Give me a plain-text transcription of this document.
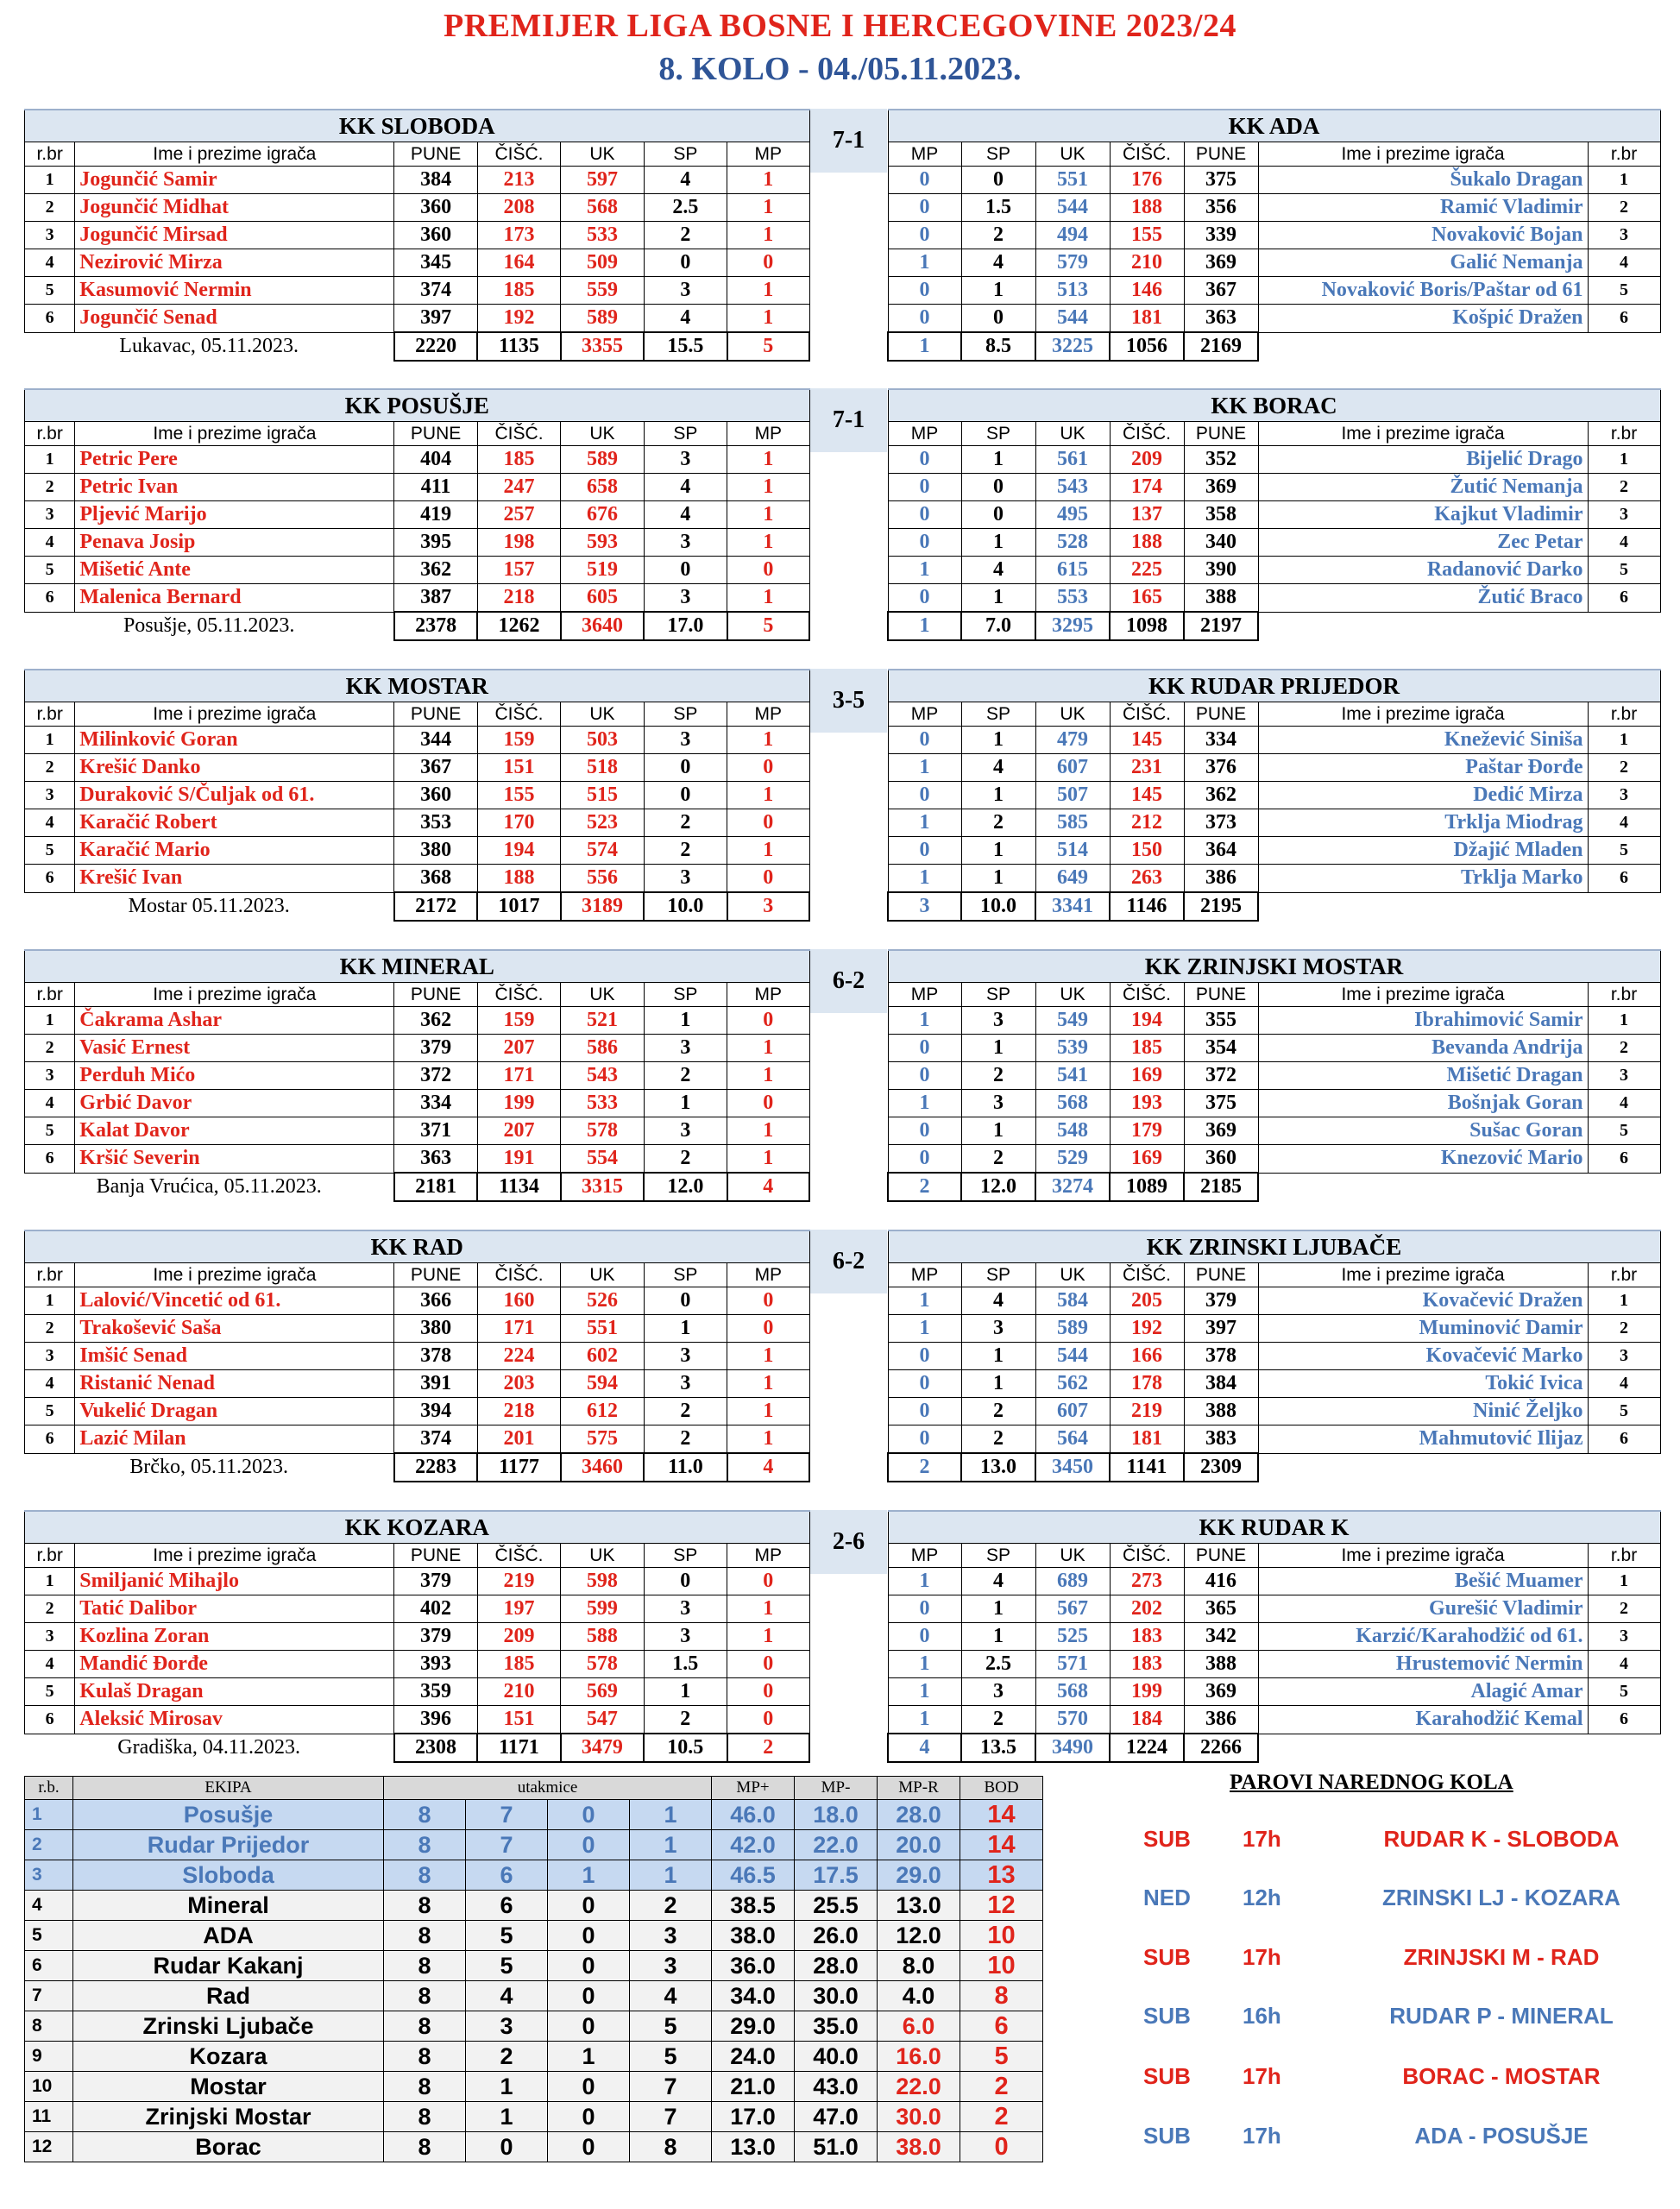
PREMIJER LIGA BOSNE I HERCEGOVINE 2023/24
8. KOLO - 04./05.11.2023.
KK SLOBODA						
r.br	Ime i prezime igrača	PUNE	ČIŠĆ.	UK	SP	MP
1	Jogunčić Samir	384	213	597	4	1
2	Jogunčić Midhat	360	208	568	2.5	1
3	Jogunčić Mirsad	360	173	533	2	1
4	Nezirović Mirza	345	164	509	0	0
5	Kasumović Nermin	374	185	559	3	1
6	Jogunčić Senad	397	192	589	4	1
Lukavac, 05.11.2023.		2220	1135	3355	15.5	5
7-1
KK ADA						
MP	SP	UK	ČIŠĆ.	PUNE	Ime i prezime igrača	r.br
0	0	551	176	375	Šukalo Dragan	1
0	1.5	544	188	356	Ramić Vladimir	2
0	2	494	155	339	Novaković Bojan	3
1	4	579	210	369	Galić Nemanja	4
0	1	513	146	367	Novaković Boris/Paštar od 61	5
0	0	544	181	363	Košpić Dražen	6
1	8.5	3225	1056	2169		
KK POSUŠJE						
r.br	Ime i prezime igrača	PUNE	ČIŠĆ.	UK	SP	MP
1	Petric Pere	404	185	589	3	1
2	Petric Ivan	411	247	658	4	1
3	Pljević Marijo	419	257	676	4	1
4	Penava Josip	395	198	593	3	1
5	Mišetić Ante	362	157	519	0	0
6	Malenica Bernard	387	218	605	3	1
Posušje, 05.11.2023.		2378	1262	3640	17.0	5
7-1
KK BORAC						
MP	SP	UK	ČIŠĆ.	PUNE	Ime i prezime igrača	r.br
0	1	561	209	352	Bijelić Drago	1
0	0	543	174	369	Žutić Nemanja	2
0	0	495	137	358	Kajkut Vladimir	3
0	1	528	188	340	Zec Petar	4
1	4	615	225	390	Radanović Darko	5
0	1	553	165	388	Žutić Braco	6
1	7.0	3295	1098	2197		
KK MOSTAR						
r.br	Ime i prezime igrača	PUNE	ČIŠĆ.	UK	SP	MP
1	Milinković Goran	344	159	503	3	1
2	Krešić Danko	367	151	518	0	0
3	Duraković S/Čuljak od 61.	360	155	515	0	1
4	Karačić Robert	353	170	523	2	0
5	Karačić Mario	380	194	574	2	1
6	Krešić Ivan	368	188	556	3	0
Mostar 05.11.2023.		2172	1017	3189	10.0	3
3-5
KK RUDAR PRIJEDOR						
MP	SP	UK	ČIŠĆ.	PUNE	Ime i prezime igrača	r.br
0	1	479	145	334	Knežević Siniša	1
1	4	607	231	376	Paštar Đorđe	2
0	1	507	145	362	Dedić Mirza	3
1	2	585	212	373	Trklja Miodrag	4
0	1	514	150	364	Džajić Mladen	5
1	1	649	263	386	Trklja Marko	6
3	10.0	3341	1146	2195		
KK MINERAL						
r.br	Ime i prezime igrača	PUNE	ČIŠĆ.	UK	SP	MP
1	Čakrama Ashar	362	159	521	1	0
2	Vasić Ernest	379	207	586	3	1
3	Perduh Mićo	372	171	543	2	1
4	Grbić Davor	334	199	533	1	0
5	Kalat Davor	371	207	578	3	1
6	Kršić Severin	363	191	554	2	1
Banja Vrućica, 05.11.2023.		2181	1134	3315	12.0	4
6-2
KK ZRINJSKI MOSTAR						
MP	SP	UK	ČIŠĆ.	PUNE	Ime i prezime igrača	r.br
1	3	549	194	355	Ibrahimović Samir	1
0	1	539	185	354	Bevanda Andrija	2
0	2	541	169	372	Mišetić Dragan	3
1	3	568	193	375	Bošnjak Goran	4
0	1	548	179	369	Sušac Goran	5
0	2	529	169	360	Knezović Mario	6
2	12.0	3274	1089	2185		
KK RAD						
r.br	Ime i prezime igrača	PUNE	ČIŠĆ.	UK	SP	MP
1	Lalović/Vincetić od 61.	366	160	526	0	0
2	Trakošević Saša	380	171	551	1	0
3	Imšić Senad	378	224	602	3	1
4	Ristanić Nenad	391	203	594	3	1
5	Vukelić Dragan	394	218	612	2	1
6	Lazić Milan	374	201	575	2	1
Brčko, 05.11.2023.		2283	1177	3460	11.0	4
6-2
KK ZRINSKI LJUBAČE						
MP	SP	UK	ČIŠĆ.	PUNE	Ime i prezime igrača	r.br
1	4	584	205	379	Kovačević Dražen	1
1	3	589	192	397	Muminović Damir	2
0	1	544	166	378	Kovačević Marko	3
0	1	562	178	384	Tokić Ivica	4
0	2	607	219	388	Ninić Željko	5
0	2	564	181	383	Mahmutović Ilijaz	6
2	13.0	3450	1141	2309		
KK KOZARA						
r.br	Ime i prezime igrača	PUNE	ČIŠĆ.	UK	SP	MP
1	Smiljanić Mihajlo	379	219	598	0	0
2	Tatić Dalibor	402	197	599	3	1
3	Kozlina Zoran	379	209	588	3	1
4	Mandić Đorđe	393	185	578	1.5	0
5	Kulaš Dragan	359	210	569	1	0
6	Aleksić Mirosav	396	151	547	2	0
Gradiška, 04.11.2023.		2308	1171	3479	10.5	2
2-6
KK RUDAR K						
MP	SP	UK	ČIŠĆ.	PUNE	Ime i prezime igrača	r.br
1	4	689	273	416	Bešić Muamer	1
0	1	567	202	365	Gurešić Vladimir	2
0	1	525	183	342	Karzić/Karahodžić od 61.	3
1	2.5	571	183	388	Hrustemović Nermin	4
1	3	568	199	369	Alagić Amar	5
1	2	570	184	386	Karahodžić Kemal	6
4	13.5	3490	1224	2266		
r.b.	EKIPA	utakmice				MP+	MP-	MP-R	BOD
1	Posušje	8	7	0	1	46.0	18.0	28.0	14
2	Rudar Prijedor	8	7	0	1	42.0	22.0	20.0	14
3	Sloboda	8	6	1	1	46.5	17.5	29.0	13
4	Mineral	8	6	0	2	38.5	25.5	13.0	12
5	ADA	8	5	0	3	38.0	26.0	12.0	10
6	Rudar Kakanj	8	5	0	3	36.0	28.0	8.0	10
7	Rad	8	4	0	4	34.0	30.0	4.0	8
8	Zrinski Ljubače	8	3	0	5	29.0	35.0	6.0	6
9	Kozara	8	2	1	5	24.0	40.0	16.0	5
10	Mostar	8	1	0	7	21.0	43.0	22.0	2
11	Zrinjski Mostar	8	1	0	7	17.0	47.0	30.0	2
12	Borac	8	0	0	8	13.0	51.0	38.0	0
PAROVI NAREDNOG KOLA
SUB 17h	RUDAR K - SLOBODA
NED 12h	ZRINSKI LJ - KOZARA
SUB 17h	ZRINJSKI M - RAD
SUB 16h	RUDAR P - MINERAL
SUB 17h	BORAC - MOSTAR
SUB 17h	ADA - POSUŠJE
